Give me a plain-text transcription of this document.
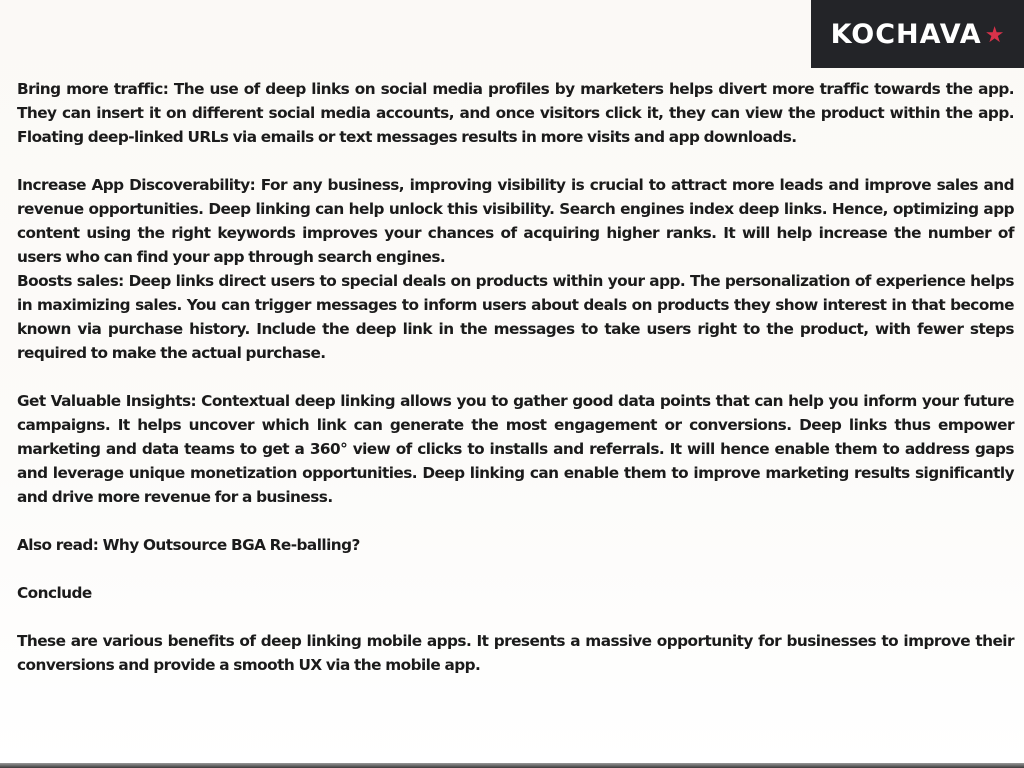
KOCHAVA ★

Bring more traffic: The use of deep links on social media profiles by marketers helps divert more traffic towards the app. They can insert it on different social media accounts, and once visitors click it, they can view the product within the app. Floating deep-linked URLs via emails or text messages results in more visits and app downloads.

Increase App Discoverability: For any business, improving visibility is crucial to attract more leads and improve sales and revenue opportunities. Deep linking can help unlock this visibility. Search engines index deep links. Hence, optimizing app content using the right keywords improves your chances of acquiring higher ranks. It will help increase the number of users who can find your app through search engines.

Boosts sales: Deep links direct users to special deals on products within your app. The personalization of experience helps in maximizing sales. You can trigger messages to inform users about deals on products they show interest in that become known via purchase history. Include the deep link in the messages to take users right to the product, with fewer steps required to make the actual purchase.

Get Valuable Insights: Contextual deep linking allows you to gather good data points that can help you inform your future campaigns. It helps uncover which link can generate the most engagement or conversions. Deep links thus empower marketing and data teams to get a 360° view of clicks to installs and referrals. It will hence enable them to address gaps and leverage unique monetization opportunities. Deep linking can enable them to improve marketing results significantly and drive more revenue for a business.

Also read: Why Outsource BGA Re-balling?

Conclude

These are various benefits of deep linking mobile apps. It presents a massive opportunity for businesses to improve their conversions and provide a smooth UX via the mobile app.
